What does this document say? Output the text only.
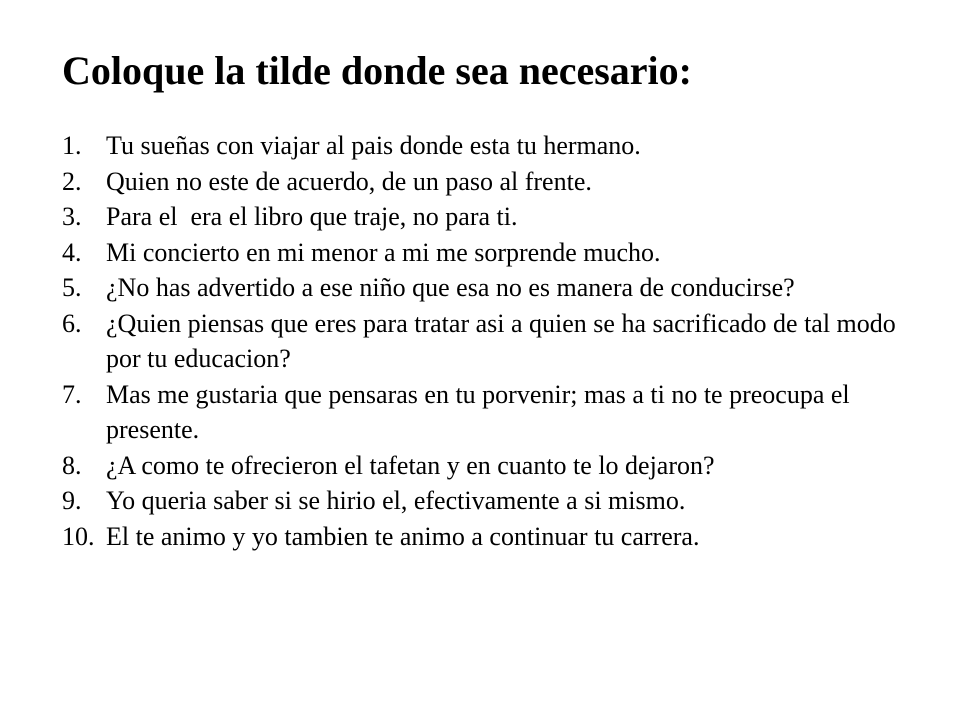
Coloque la tilde donde sea necesario:
1. Tu sueñas con viajar al pais donde esta tu hermano.
2. Quien no este de acuerdo, de un paso al frente.
3. Para el  era el libro que traje, no para ti.
4. Mi concierto en mi menor a mi me sorprende mucho.
5. ¿No has advertido a ese niño que esa no es manera de conducirse?
6. ¿Quien piensas que eres para tratar asi a quien se ha sacrificado de tal modo por tu educacion?
7. Mas me gustaria que pensaras en tu porvenir; mas a ti no te preocupa el presente.
8. ¿A como te ofrecieron el tafetan y en cuanto te lo dejaron?
9. Yo queria saber si se hirio el, efectivamente a si mismo.
10. El te animo y yo tambien te animo a continuar tu carrera.
